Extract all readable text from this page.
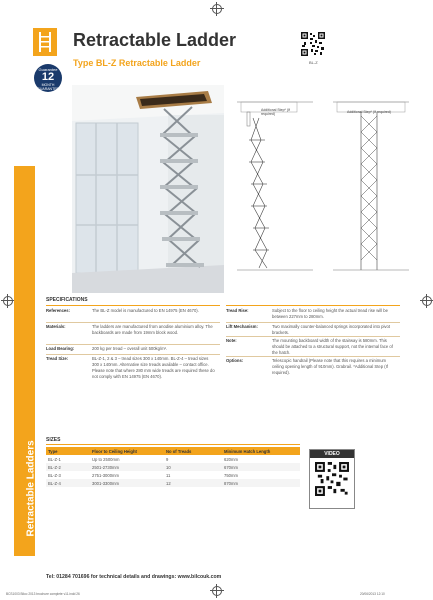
Retractable Ladders
Guarantee
12
MONTH
GUARANTEE
Retractable Ladder
Type BL-Z Retractable Ladder	BL-Z
Additional Step* (If required)	Additional Step* (If required)
SPECIFICATIONS
References:	The BL-Z model is manufactured to EN 14975 (EN 4670).
Materials:	The ladders are manufactured from anodise aluminium alloy. The backboards are made from 19mm block wood.
Load Bearing:	200 kg per tread – overall unit 500kg/m².
Tread Size:	BL-Z-1, 2 & 3 – tread sizes 300 x 140mm. BL-Z-4 – tread sizes 300 x 140mm. Alternative size treads available – contact office. Please note that where 280 mm wide treads are required these do not comply with EN 14975 (EN 4670).
Tread Rise:	Subject to the floor to ceiling height the actual tread rise will be between 227mm to 280mm.
Lift Mechanism:	Two maximally counter-balanced springs incorporated into pivot brackets.
Note:	The mounting backboard width of the stairway is 580mm. This should be attached to a structural support, not the internal face of the hatch.
Options:	Telescopic handrail (Please note that this requires a minimum ceiling opening length of 910mm). Grabrail. *Additional Step (If required).
SIZES
Type	Floor to Ceiling Height	No of Treads	Minimum Hatch Length
BL-Z-1	Up to 2500mm	9	620mm
BL-Z-2	2501-2730mm	10	670mm
BL-Z-3	2751-3000mm	11	750mm
BL-Z-4	3001-3300mm	12	870mm
VIDEO
Tel: 01284 701696 for technical details and drawings: www.bilcouk.com
BCS1003 Bilco 2013 brochure complete v11.indd 26	20/06/2013 12:10
